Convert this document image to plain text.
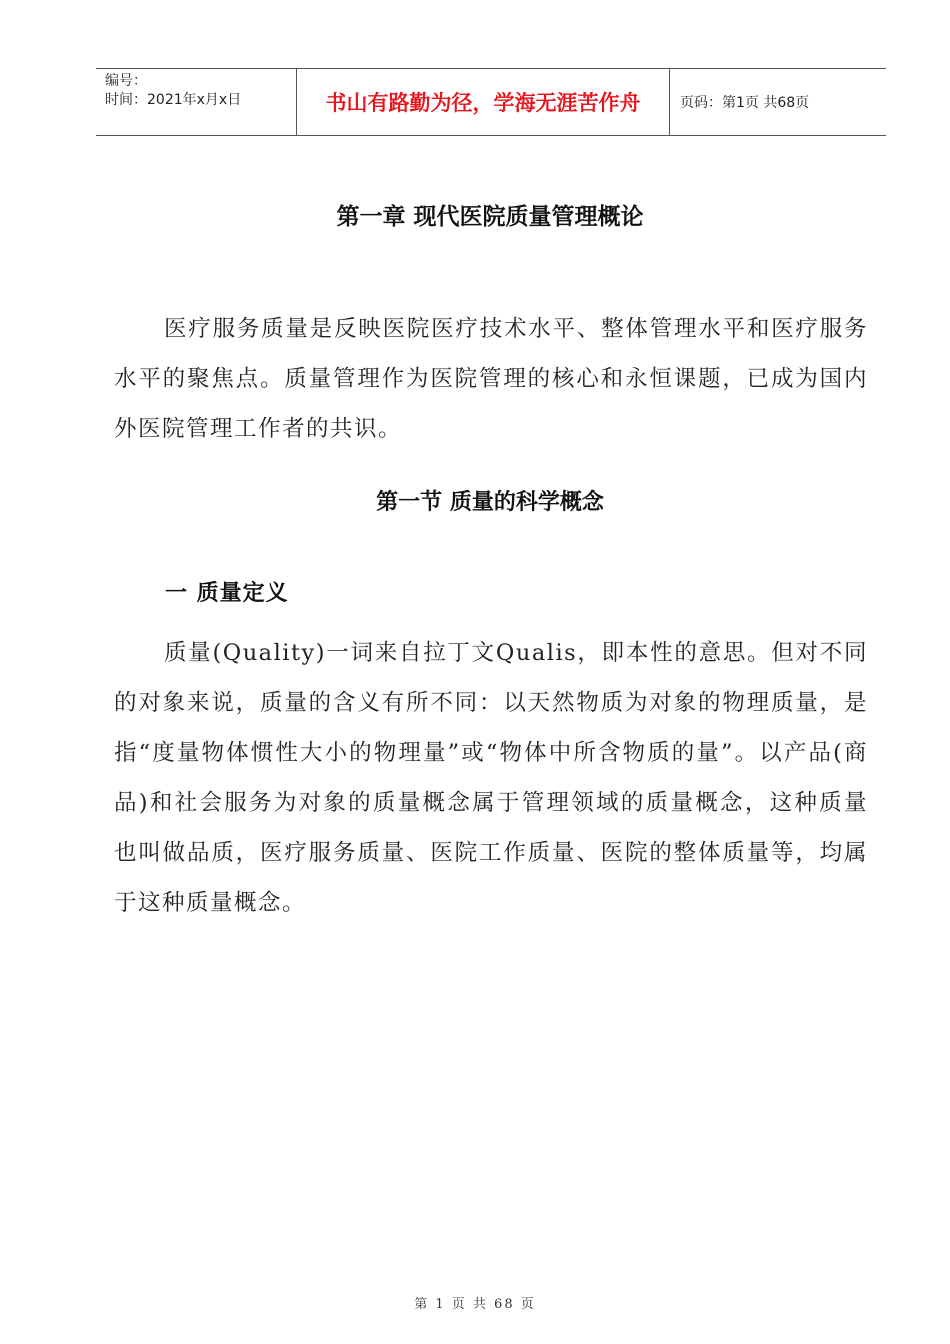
编号：
时间：2021年x月x日	书山有路勤为径，学海无涯苦作舟	页码：第1页 共68页
第一章 现代医院质量管理概论

医疗服务质量是反映医院医疗技术水平、整体管理水平和医疗服务水平的聚焦点。质量管理作为医院管理的核心和永恒课题，已成为国内外医院管理工作者的共识。

第一节 质量的科学概念
一 质量定义

质量(Quality)一词来自拉丁文Qualis，即本性的意思。但对不同的对象来说，质量的含义有所不同：以天然物质为对象的物理质量，是指“度量物体惯性大小的物理量”或“物体中所含物质的量”。以产品(商品)和社会服务为对象的质量概念属于管理领域的质量概念，这种质量也叫做品质，医疗服务质量、医院工作质量、医院的整体质量等，均属于这种质量概念。

第 1 页 共 68 页
